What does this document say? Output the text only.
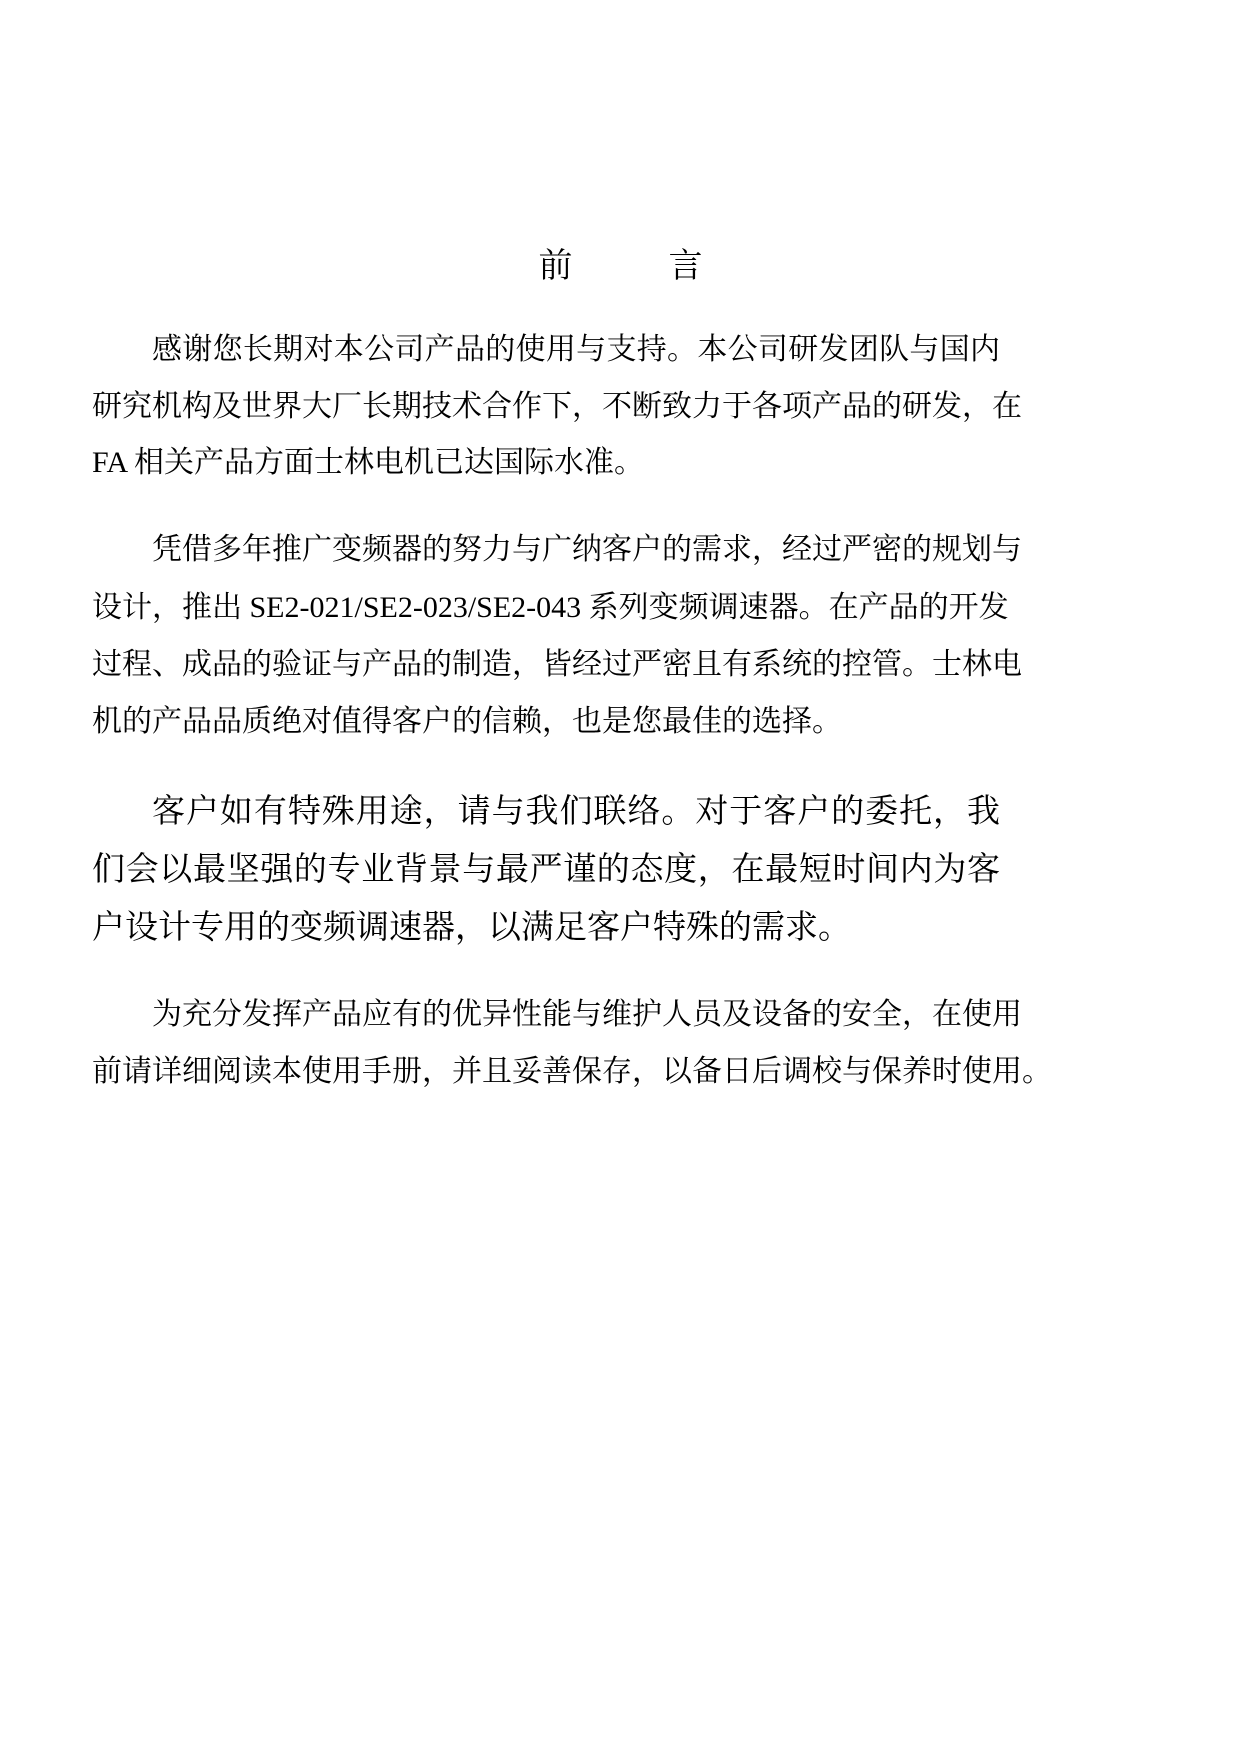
前	言
感谢您长期对本公司产品的使用与支持。本公司研发团队与国内
研究机构及世界大厂长期技术合作下，不断致力于各项产品的研发，在
FA 相关产品方面士林电机已达国际水准。
凭借多年推广变频器的努力与广纳客户的需求，经过严密的规划与
设计，推出 SE2-021/SE2-023/SE2-043 系列变频调速器。在产品的开发
过程、成品的验证与产品的制造，皆经过严密且有系统的控管。士林电
机的产品品质绝对值得客户的信赖，也是您最佳的选择。
客户如有特殊用途，请与我们联络。对于客户的委托，我
们会以最坚强的专业背景与最严谨的态度，在最短时间内为客
户设计专用的变频调速器，以满足客户特殊的需求。
为充分发挥产品应有的优异性能与维护人员及设备的安全，在使用
前请详细阅读本使用手册，并且妥善保存，以备日后调校与保养时使用。
